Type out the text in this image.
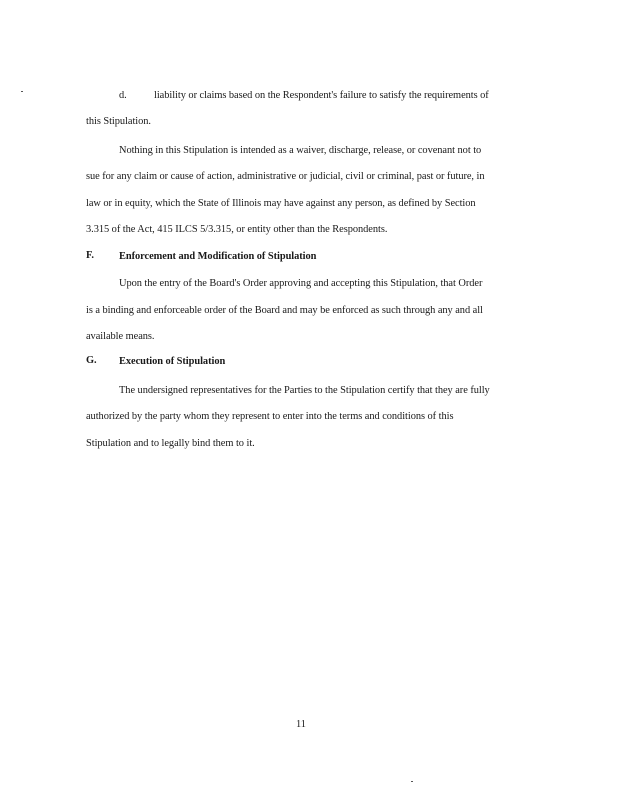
d.	liability or claims based on the Respondent's failure to satisfy the requirements of
this Stipulation.
Nothing in this Stipulation is intended as a waiver, discharge, release, or covenant not to
sue for any claim or cause of action, administrative or judicial, civil or criminal, past or future, in
law or in equity, which the State of Illinois may have against any person, as defined by Section
3.315 of the Act, 415 ILCS 5/3.315, or entity other than the Respondents.
F. Enforcement and Modification of Stipulation
Upon the entry of the Board's Order approving and accepting this Stipulation, that Order
is a binding and enforceable order of the Board and may be enforced as such through any and all
available means.
G. Execution of Stipulation
The undersigned representatives for the Parties to the Stipulation certify that they are fully
authorized by the party whom they represent to enter into the terms and conditions of this
Stipulation and to legally bind them to it.
11
